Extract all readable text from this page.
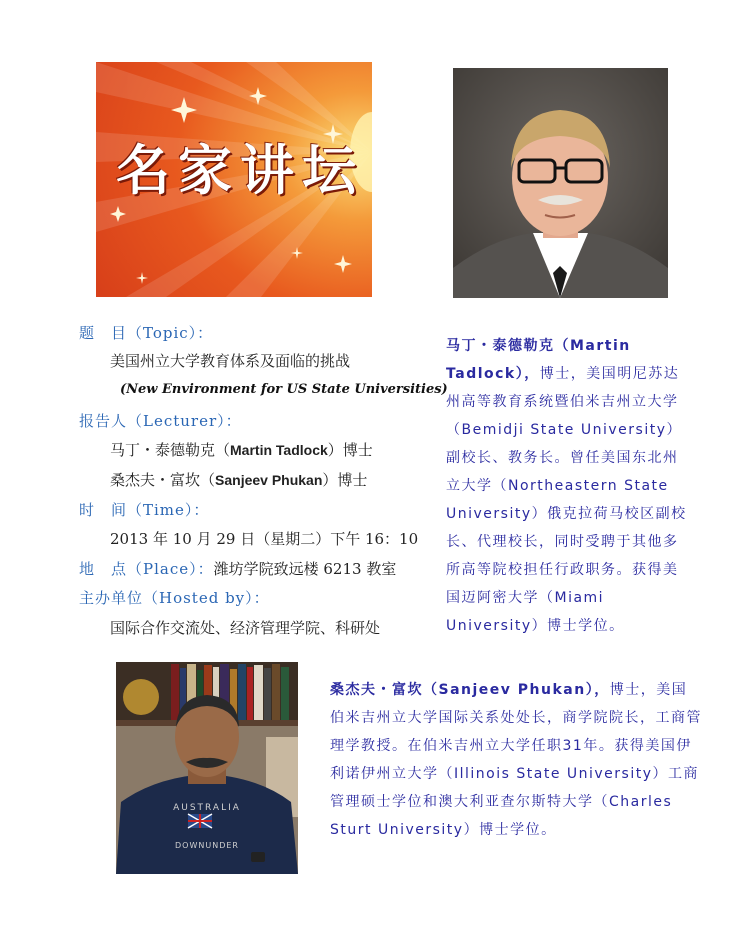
名家讲坛
AUSTRALIA
DOWNUNDER
题　目（Topic）：
美国州立大学教育体系及面临的挑战
(New Environment for US State Universities)
报告人（Lecturer）：
马丁・泰德勒克（Martin Tadlock）博士
桑杰夫・富坎（Sanjeev Phukan）博士
时　间（Time）：
2013 年 10 月 29 日（星期二）下午 16：10
地　点（Place）：潍坊学院致远楼 6213 教室
主办单位（Hosted by）：
国际合作交流处、经济管理学院、科研处
马丁・泰德勒克（Martin Tadlock），博士，美国明尼苏达州高等教育系统暨伯米吉州立大学（Bemidji State University）副校长、教务长。曾任美国东北州立大学（Northeastern State University）俄克拉荷马校区副校长、代理校长，同时受聘于其他多所高等院校担任行政职务。获得美国迈阿密大学（Miami University）博士学位。
桑杰夫・富坎（Sanjeev Phukan），博士，美国伯米吉州立大学国际关系处处长，商学院院长，工商管理学教授。在伯米吉州立大学任职31年。获得美国伊利诺伊州立大学（Illinois State University）工商管理硕士学位和澳大利亚查尔斯特大学（Charles Sturt University）博士学位。
